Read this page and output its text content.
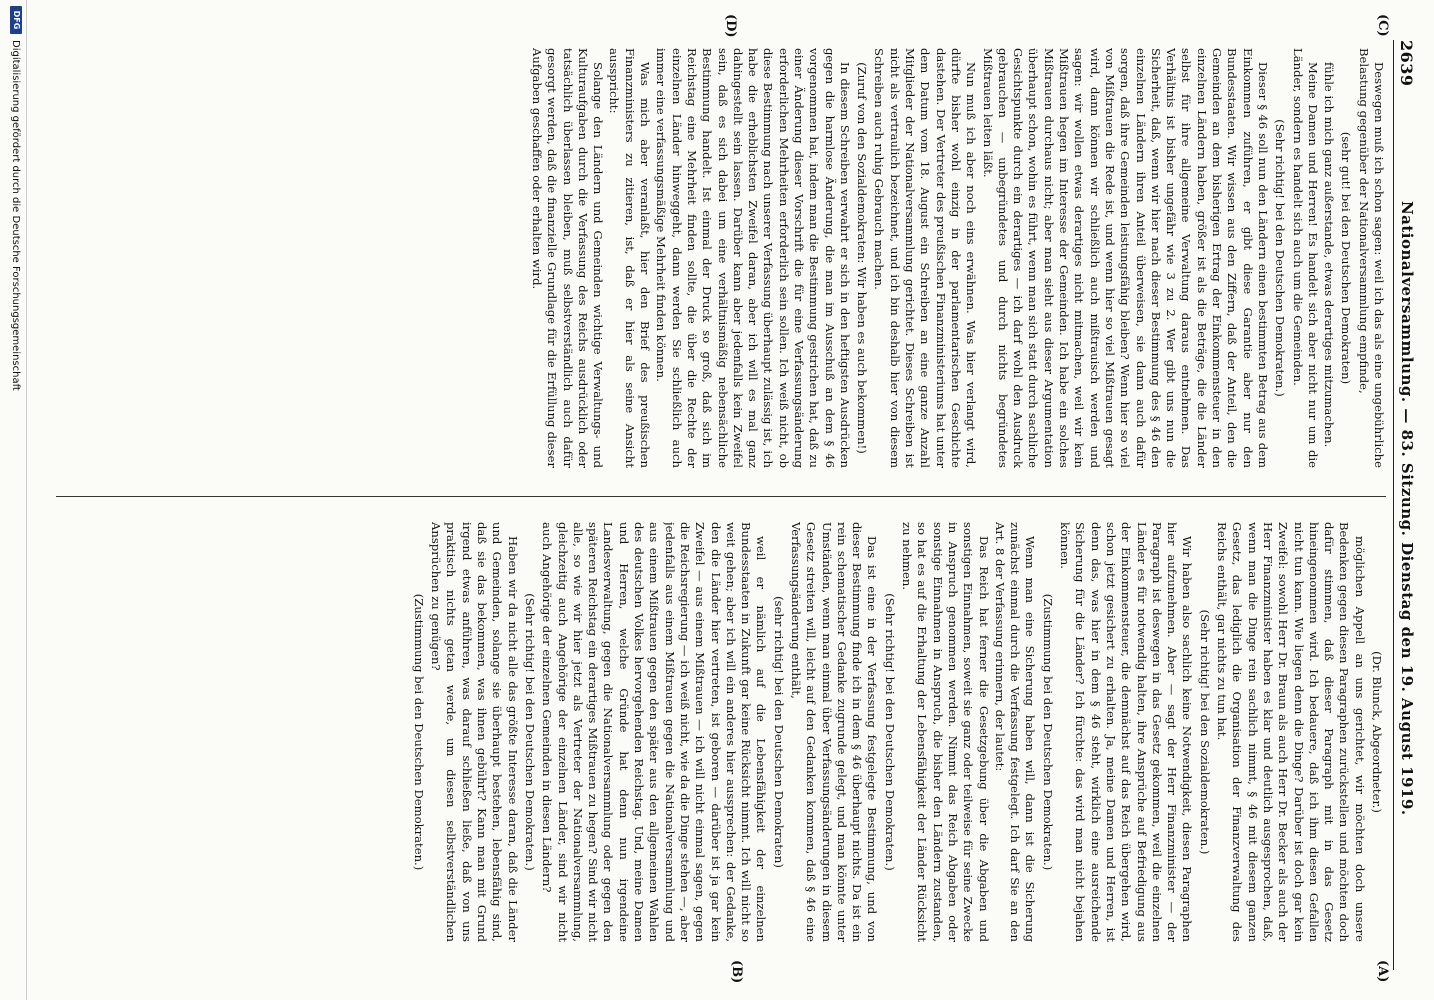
2639
Nationalversammlung. — 83. Sitzung. Dienstag den 19. August 1919.
(C)
(A)
(D)
(B)

Deswegen muß ich schon sagen: weil ich das als eine ungebührliche Belastung gegenüber der Nationalversammlung empfinde,

(sehr gut! bei den Deutschen Demokraten)

fühle ich mich ganz außerstande, etwas derartiges mitzumachen.

Meine Damen und Herren! Es handelt sich aber nicht nur um die Länder, sondern es handelt sich auch um die Gemeinden.

(Sehr richtig! bei den Deutschen Demokraten.)

Dieser § 46 soll nun den Ländern einen bestimmten Betrag aus dem Einkommen zuführen, er gibt diese Garantie aber nur den Bundesstaaten. Wir wissen aus den Ziffern, daß der Anteil, den die Gemeinden an dem bisherigen Ertrag der Einkommensteuer in den einzelnen Ländern haben, größer ist als die Beträge, die die Länder selbst für ihre allgemeine Verwaltung daraus entnehmen. Das Verhältnis ist bisher ungefähr wie 3 zu 2. Wer gibt uns nun die Sicherheit, daß, wenn wir hier nach dieser Bestimmung des § 46 den einzelnen Ländern ihren Anteil überweisen, sie dann auch dafür sorgen, daß ihre Gemeinden leistungsfähig bleiben? Wenn hier so viel von Mißtrauen die Rede ist, und wenn hier so viel Mißtrauen gesagt wird, dann können wir schließlich auch mißtrauisch werden und sagen: wir wollen etwas derartiges nicht mitmachen, weil wir kein Mißtrauen hegen im Interesse der Gemeinden. Ich habe ein solches Mißtrauen durchaus nicht; aber man sieht aus dieser Argumentation überhaupt schon, wohin es führt, wenn man sich statt durch sachliche Gesichtspunkte durch ein derartiges — ich darf wohl den Ausdruck gebrauchen — unbegründetes und durch nichts begründetes Mißtrauen leiten läßt.

Nun muß ich aber noch eins erwähnen. Was hier verlangt wird, dürfte bisher wohl einzig in der parlamentarischen Geschichte dastehen. Der Vertreter des preußischen Finanzministeriums hat unter dem Datum vom 18. August ein Schreiben an eine ganze Anzahl Mitglieder der Nationalversammlung gerichtet. Dieses Schreiben ist nicht als vertraulich bezeichnet, und ich bin deshalb hier von diesem Schreiben auch ruhig Gebrauch machen.

(Zuruf von den Sozialdemokraten: Wir haben es auch bekommen!)

In diesem Schreiben verwahrt er sich in den heftigsten Ausdrücken gegen die harmlose Änderung, die man im Ausschuß an dem § 46 vorgenommen hat, indem man die Bestimmung gestrichen hat, daß zu einer Änderung dieser Vorschrift die für eine Verfassungsänderung erforderlichen Mehrheiten erforderlich sein sollen. Ich weiß nicht, ob diese Bestimmung nach unserer Verfassung überhaupt zulässig ist, ich habe die erheblichsten Zweifel daran, aber ich will es mal ganz dahingestellt sein lassen. Darüber kann aber jedenfalls kein Zweifel sein, daß es sich dabei um eine verhältnismäßig nebensächliche Bestimmung handelt. Ist einmal der Druck so groß, daß sich im Reichstag eine Mehrheit finden sollte, die über die Rechte der einzelnen Länder hinweggeht, dann werden Sie schließlich auch immer eine verfassungsmäßige Mehrheit finden können.

Was mich aber veranlaßt, hier den Brief des preußischen Finanzministers zu zitieren, ist, daß er hier als seine Ansicht ausspricht:

Solange den Ländern und Gemeinden wichtige Verwaltungs- und Kulturaufgaben durch die Verfassung des Reichs ausdrücklich oder tatsächlich überlassen bleiben, muß selbstverständlich auch dafür gesorgt werden, daß die finanzielle Grundlage für die Erfüllung dieser Aufgaben geschaffen oder erhalten wird.

(Dr. Blunck, Abgeordneter.)

möglichen Appell an uns gerichtet, wir möchten doch unsere Bedenken gegen diesen Paragraphen zurückstellen und möchten doch dafür stimmen, daß dieser Paragraph mit in das Gesetz hineingenommen wird. Ich bedauere, daß ich ihm diesen Gefallen nicht tun kann. Wie liegen denn die Dinge? Darüber ist doch gar kein Zweifel: sowohl Herr Dr. Braun als auch Herr Dr. Becker als auch der Herr Finanzminister haben es klar und deutlich ausgesprochen, daß, wenn man die Dinge rein sachlich nimmt, § 46 mit diesem ganzen Gesetz, das lediglich die Organisation der Finanzverwaltung des Reichs enthält, gar nichts zu tun hat.

(Sehr richtig! bei den Sozialdemokraten.)

Wir haben also sachlich keine Notwendigkeit, diesen Paragraphen hier aufzunehmen. Aber — sagt der Herr Finanzminister — der Paragraph ist deswegen in das Gesetz gekommen, weil die einzelnen Länder es für notwendig halten, ihre Ansprüche auf Befriedigung aus der Einkommensteuer, die demnächst auf das Reich übergehen wird, schon jetzt gesichert zu erhalten. Ja, meine Damen und Herren, ist denn das, was hier in dem § 46 steht, wirklich eine ausreichende Sicherung für die Länder? Ich fürchte: das wird man nicht bejahen können.

(Zustimmung bei den Deutschen Demokraten.)

Wenn man eine Sicherung haben will, dann ist die Sicherung zunächst einmal durch die Verfassung festgelegt. Ich darf Sie an den Art. 8 der Verfassung erinnern, der lautet:

Das Reich hat ferner die Gesetzgebung über die Abgaben und sonstigen Einnahmen, soweit sie ganz oder teilweise für seine Zwecke in Anspruch genommen werden. Nimmt das Reich Abgaben oder sonstige Einnahmen in Anspruch, die bisher den Ländern zustanden, so hat es auf die Erhaltung der Lebensfähigkeit der Länder Rücksicht zu nehmen.

(Sehr richtig! bei den Deutschen Demokraten.)

Das ist eine in der Verfassung festgelegte Bestimmung, und von dieser Bestimmung finde ich in dem § 46 überhaupt nichts. Da ist ein rein schematischer Gedanke zugrunde gelegt, und man könnte unter Umständen, wenn man einmal über Verfassungsänderungen in diesem Gesetz streiten will, leicht auf den Gedanken kommen, daß § 46 eine Verfassungsänderung enthält,

(sehr richtig! bei den Deutschen Demokraten)

weil er nämlich auf die Lebensfähigkeit der einzelnen Bundesstaaten in Zukunft gar keine Rücksicht nimmt. Ich will nicht so weit gehen; aber ich will ein anderes hier aussprechen: der Gedanke, den die Länder hier vertreten, ist geboren — darüber ist ja gar kein Zweifel — aus einem Mißtrauen — ich will nicht einmal sagen, gegen die Reichsregierung — ich weiß nicht, wie da die Dinge stehen —, aber jedenfalls aus einem Mißtrauen gegen die Nationalversammlung und aus einem Mißtrauen gegen den später aus den allgemeinen Wahlen des deutschen Volkes hervorgehenden Reichstag. Und, meine Damen und Herren, welche Gründe hat denn nun irgendeine Landesverwaltung, gegen die Nationalversammlung oder gegen den späteren Reichstag ein derartiges Mißtrauen zu hegen? Sind wir nicht alle, so wie wir hier jetzt als Vertreter der Nationalversammlung, gleichzeitig auch Angehörige der einzelnen Länder, sind wir nicht auch Angehörige der einzelnen Gemeinden in diesen Ländern?

(Sehr richtig! bei den Deutschen Demokraten.)

Haben wir da nicht alle das größte Interesse daran, daß die Länder und Gemeinden, solange sie überhaupt bestehen, lebensfähig sind, daß sie das bekommen, was ihnen gebührt? Kann man mit Grund irgend etwas anführen, was darauf schließen ließe, daß von uns praktisch nichts getan werde, um diesen selbstverständlichen Ansprüchen zu genügen?

(Zustimmung bei den Deutschen Demokraten.)

DFG
Digitalisierung gefördert durch die Deutsche Forschungsgemeinschaft
